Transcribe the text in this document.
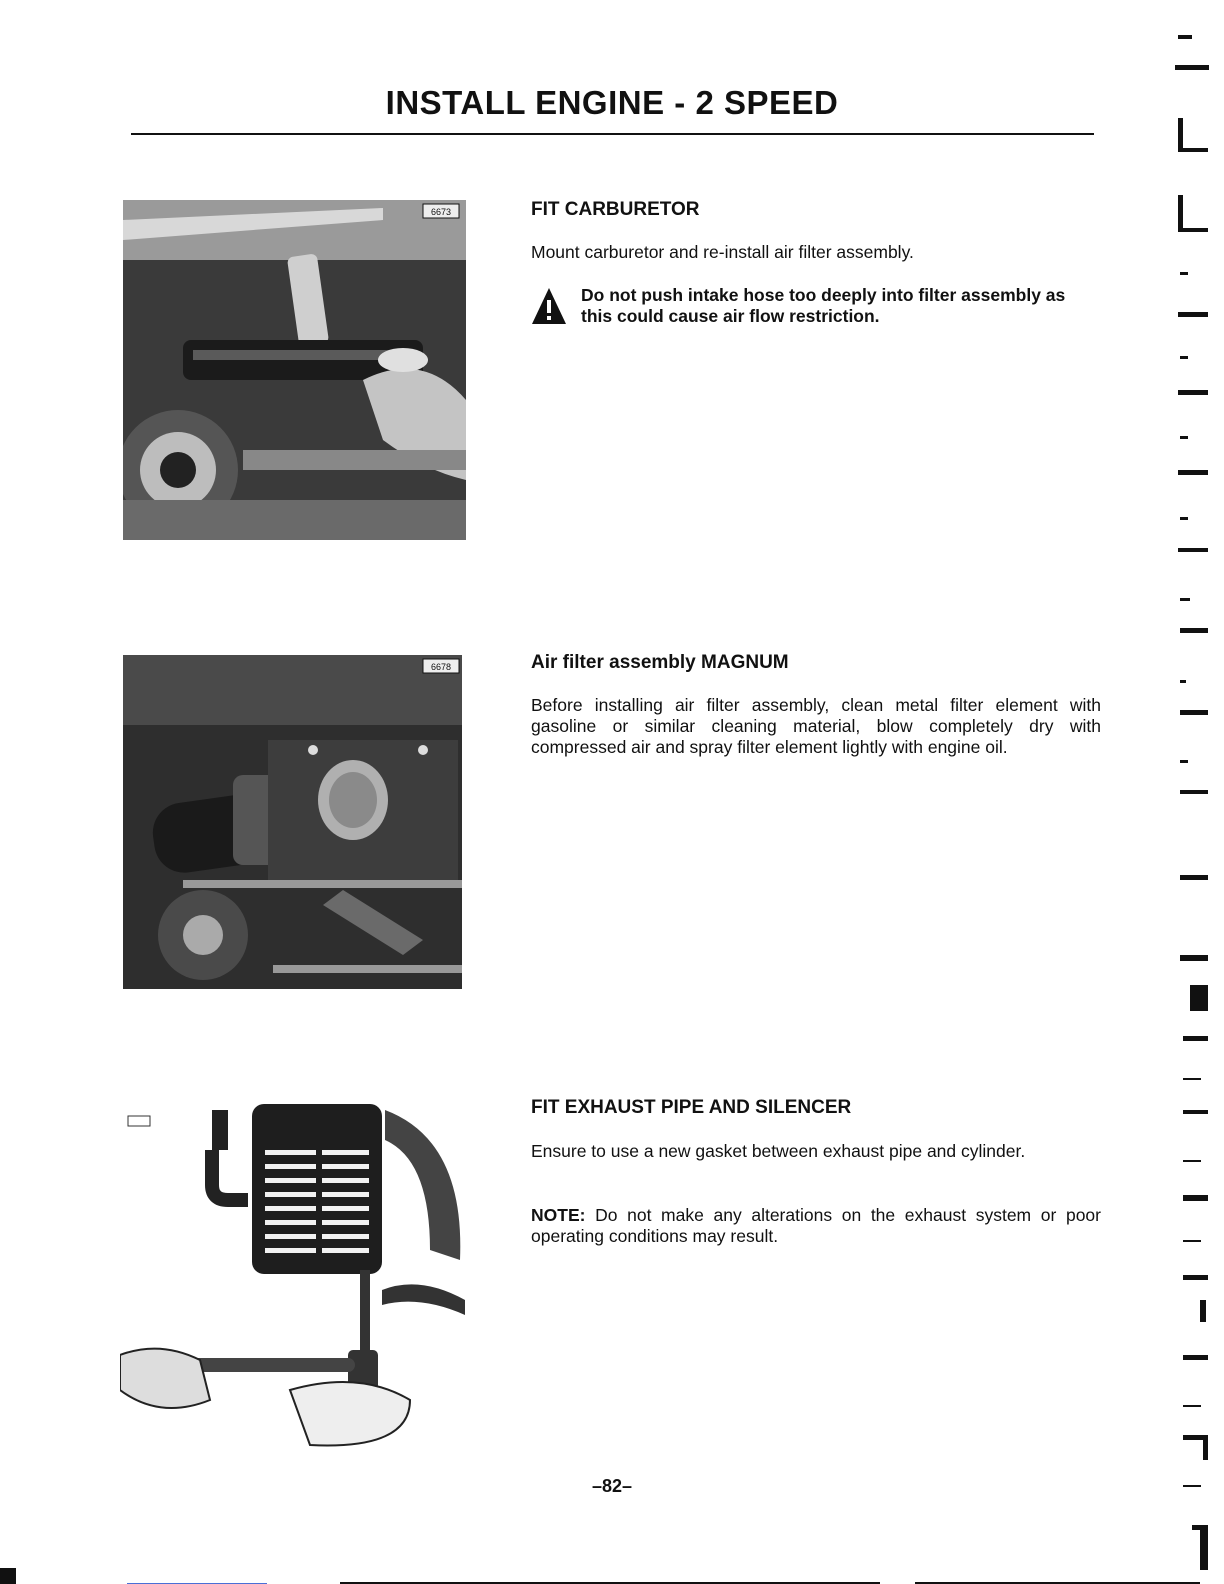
INSTALL ENGINE - 2 SPEED
6673	FIT CARBURETOR
Mount carburetor and re-install air filter assembly.
Do not push intake hose too deeply into filter assembly as this could cause air flow restriction.
6678	Air filter assembly MAGNUM
Before installing air filter assembly, clean metal filter element with gasoline or similar cleaning material, blow completely dry with compressed air and spray filter element lightly with engine oil.
FIT EXHAUST PIPE AND SILENCER
Ensure to use a new gasket between exhaust pipe and cylinder.
NOTE: Do not make any alterations on the exhaust system or poor operating conditions may result.
–82–
